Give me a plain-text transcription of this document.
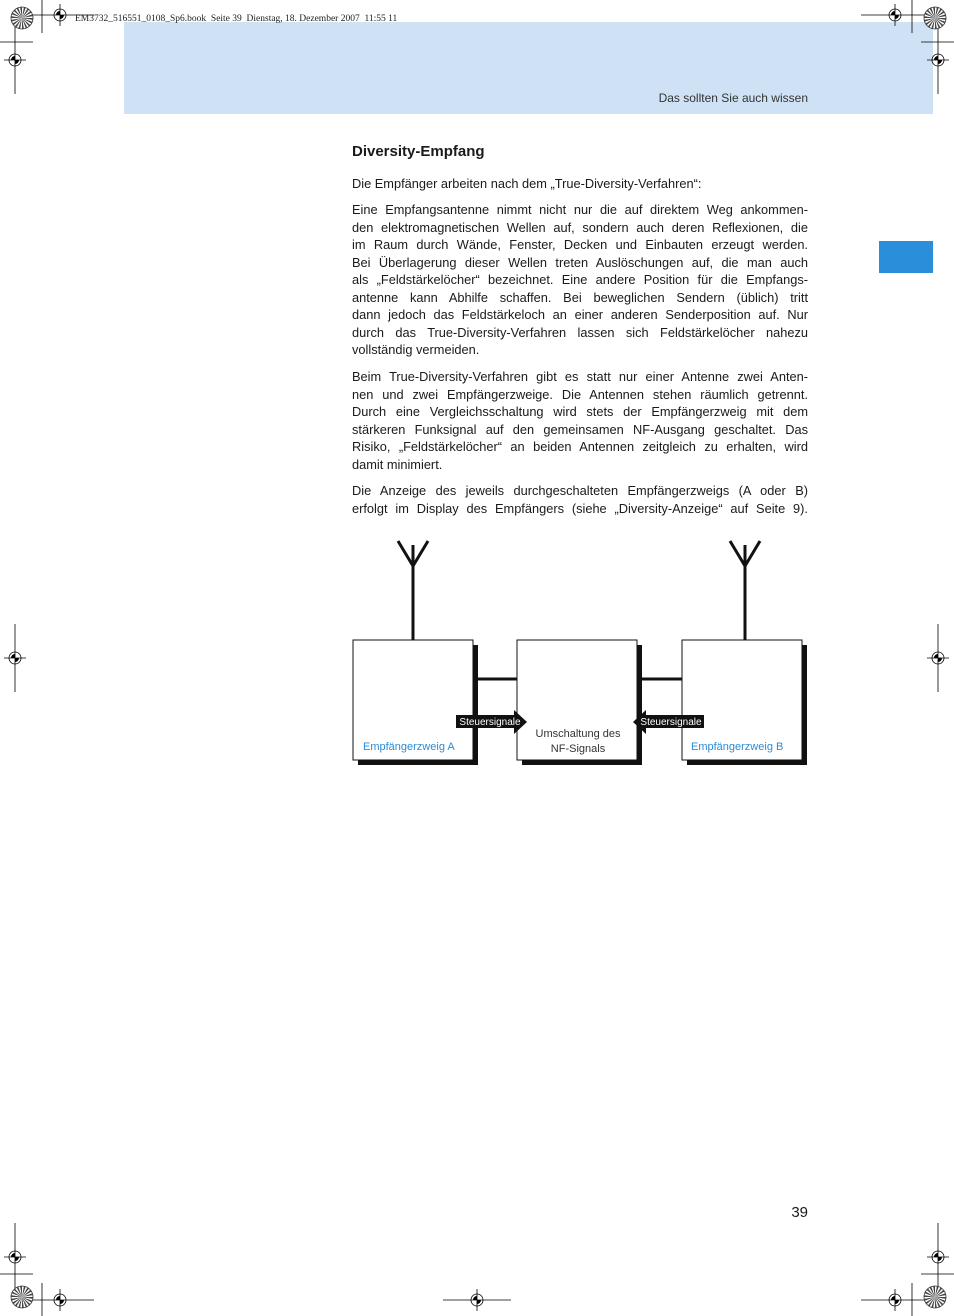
EM3732_516551_0108_Sp6.book  Seite 39  Dienstag, 18. Dezember 2007  11:55 11
Das sollten Sie auch wissen
Diversity-Empfang
Die Empfänger arbeiten nach dem „True-Diversity-Verfahren“:
Eine Empfangsantenne nimmt nicht nur die auf direktem Weg ankommen-
den elektromagnetischen Wellen auf, sondern auch deren Reflexionen, die
im Raum durch Wände, Fenster, Decken und Einbauten erzeugt werden.
Bei Überlagerung dieser Wellen treten Auslöschungen auf, die man auch
als „Feldstärkelöcher“ bezeichnet. Eine andere Position für die Empfangs-
antenne kann Abhilfe schaffen. Bei beweglichen Sendern (üblich) tritt
dann jedoch das Feldstärkeloch an einer anderen Senderposition auf. Nur
durch das True-Diversity-Verfahren lassen sich Feldstärkelöcher nahezu
vollständig vermeiden.
Beim True-Diversity-Verfahren gibt es statt nur einer Antenne zwei Anten-
nen und zwei Empfängerzweige. Die Antennen stehen räumlich getrennt.
Durch eine Vergleichsschaltung wird stets der Empfängerzweig mit dem
stärkeren Funksignal auf den gemeinsamen NF-Ausgang geschaltet. Das
Risiko, „Feldstärkelöcher“ an beiden Antennen zeitgleich zu erhalten, wird
damit minimiert.
Die Anzeige des jeweils durchgeschalteten Empfängerzweigs (A oder B)
erfolgt im Display des Empfängers (siehe „Diversity-Anzeige“ auf Seite 9).
Empfängerzweig A
Umschaltung des
NF-Signals	Empfängerzweig B
Steuersignale	Steuersignale
39
